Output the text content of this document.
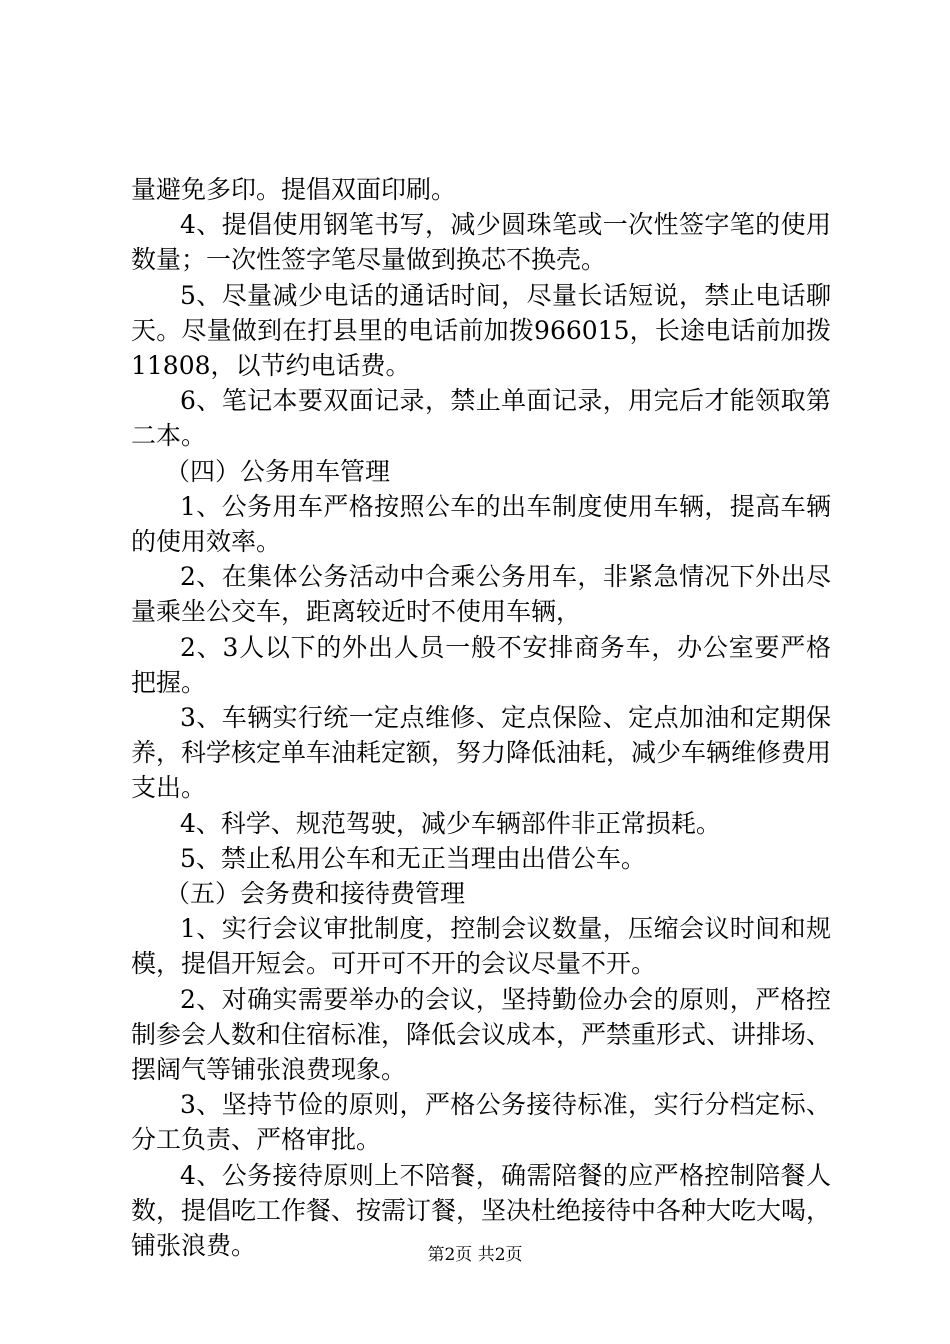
量避免多印。提倡双面印刷。

4、提倡使用钢笔书写，减少圆珠笔或一次性签字笔的使用数量；一次性签字笔尽量做到换芯不换壳。

5、尽量减少电话的通话时间，尽量长话短说，禁止电话聊天。尽量做到在打县里的电话前加拨966015，长途电话前加拨11808，以节约电话费。

6、笔记本要双面记录，禁止单面记录，用完后才能领取第二本。

（四）公务用车管理

1、公务用车严格按照公车的出车制度使用车辆，提高车辆的使用效率。

2、在集体公务活动中合乘公务用车，非紧急情况下外出尽量乘坐公交车，距离较近时不使用车辆，

2、3人以下的外出人员一般不安排商务车，办公室要严格把握。

3、车辆实行统一定点维修、定点保险、定点加油和定期保养，科学核定单车油耗定额，努力降低油耗，减少车辆维修费用支出。

4、科学、规范驾驶，减少车辆部件非正常损耗。

5、禁止私用公车和无正当理由出借公车。

（五）会务费和接待费管理

1、实行会议审批制度，控制会议数量，压缩会议时间和规模，提倡开短会。可开可不开的会议尽量不开。

2、对确实需要举办的会议，坚持勤俭办会的原则，严格控制参会人数和住宿标准，降低会议成本，严禁重形式、讲排场、摆阔气等铺张浪费现象。

3、坚持节俭的原则，严格公务接待标准，实行分档定标、分工负责、严格审批。

4、公务接待原则上不陪餐，确需陪餐的应严格控制陪餐人数，提倡吃工作餐、按需订餐，坚决杜绝接待中各种大吃大喝，铺张浪费。	第2页 共2页
